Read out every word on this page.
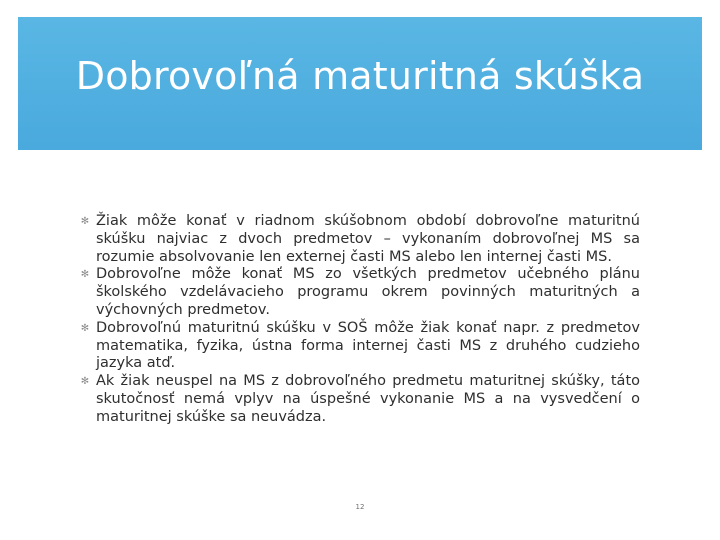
Dobrovoľná maturitná skúška
✻ Žiak môže konať v riadnom skúšobnom období dobrovoľne maturitnú skúšku najviac z dvoch predmetov – vykonaním dobrovoľnej MS sa rozumie absolvovanie len externej časti MS alebo len internej časti MS.
✻ Dobrovoľne môže konať MS zo všetkých predmetov učebného plánu školského vzdelávacieho programu okrem povinných maturitných a výchovných predmetov.
✻ Dobrovoľnú maturitnú skúšku v SOŠ môže žiak konať napr. z predmetov matematika, fyzika, ústna forma internej časti MS z druhého cudzieho jazyka atď.
✻ Ak žiak neuspel na MS z dobrovoľného predmetu maturitnej skúšky, táto skutočnosť nemá vplyv na úspešné vykonanie MS a na vysvedčení o maturitnej skúške sa neuvádza.
12
